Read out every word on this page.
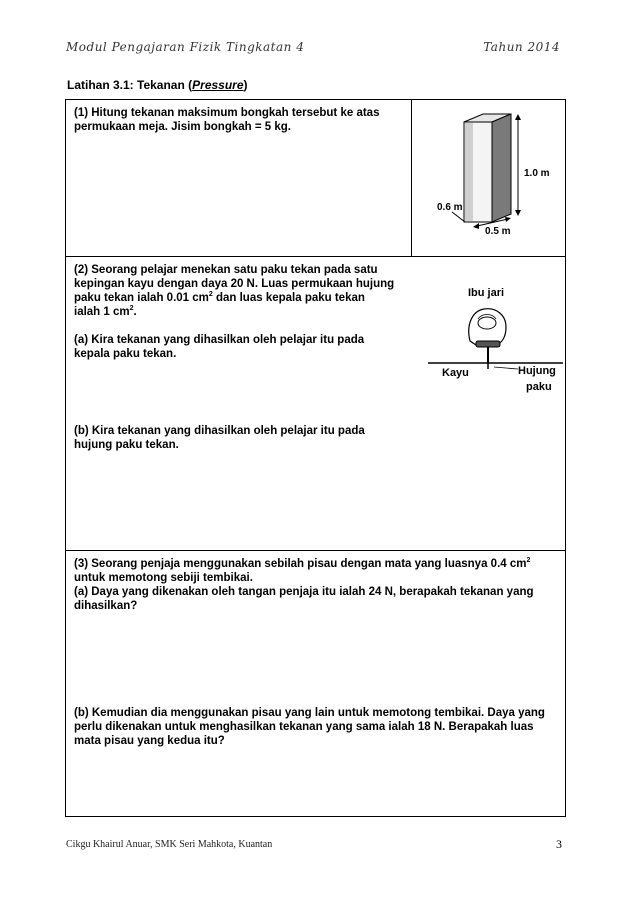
Modul Pengajaran Fizik Tingkatan 4	Tahun 2014
Latihan 3.1: Tekanan (Pressure)

(1) Hitung tekanan maksimum bongkah tersebut ke atas

permukaan meja. Jisim bongkah = 5 kg.

1.0 m
0.6 m
0.5 m

(2) Seorang pelajar menekan satu paku tekan pada satu

kepingan kayu dengan daya 20 N. Luas permukaan hujung

paku tekan ialah 0.01 $cm^2$ dan luas kepala paku tekan

ialah 1 $cm^2$.

(a) Kira tekanan yang dihasilkan oleh pelajar itu pada

kepala paku tekan.

(b) Kira tekanan yang dihasilkan oleh pelajar itu pada

hujung paku tekan.

Ibu jari
Kayu	Hujung
paku

(3) Seorang penjaja menggunakan sebilah pisau dengan mata yang luasnya 0.4 $cm^2$

untuk memotong sebiji tembikai.

(a) Daya yang dikenakan oleh tangan penjaja itu ialah 24 N, berapakah tekanan yang

dihasilkan?

(b) Kemudian dia menggunakan pisau yang lain untuk memotong tembikai. Daya yang

perlu dikenakan untuk menghasilkan tekanan yang sama ialah 18 N. Berapakah luas

mata pisau yang kedua itu?

Cikgu Khairul Anuar, SMK Seri Mahkota, Kuantan	3
